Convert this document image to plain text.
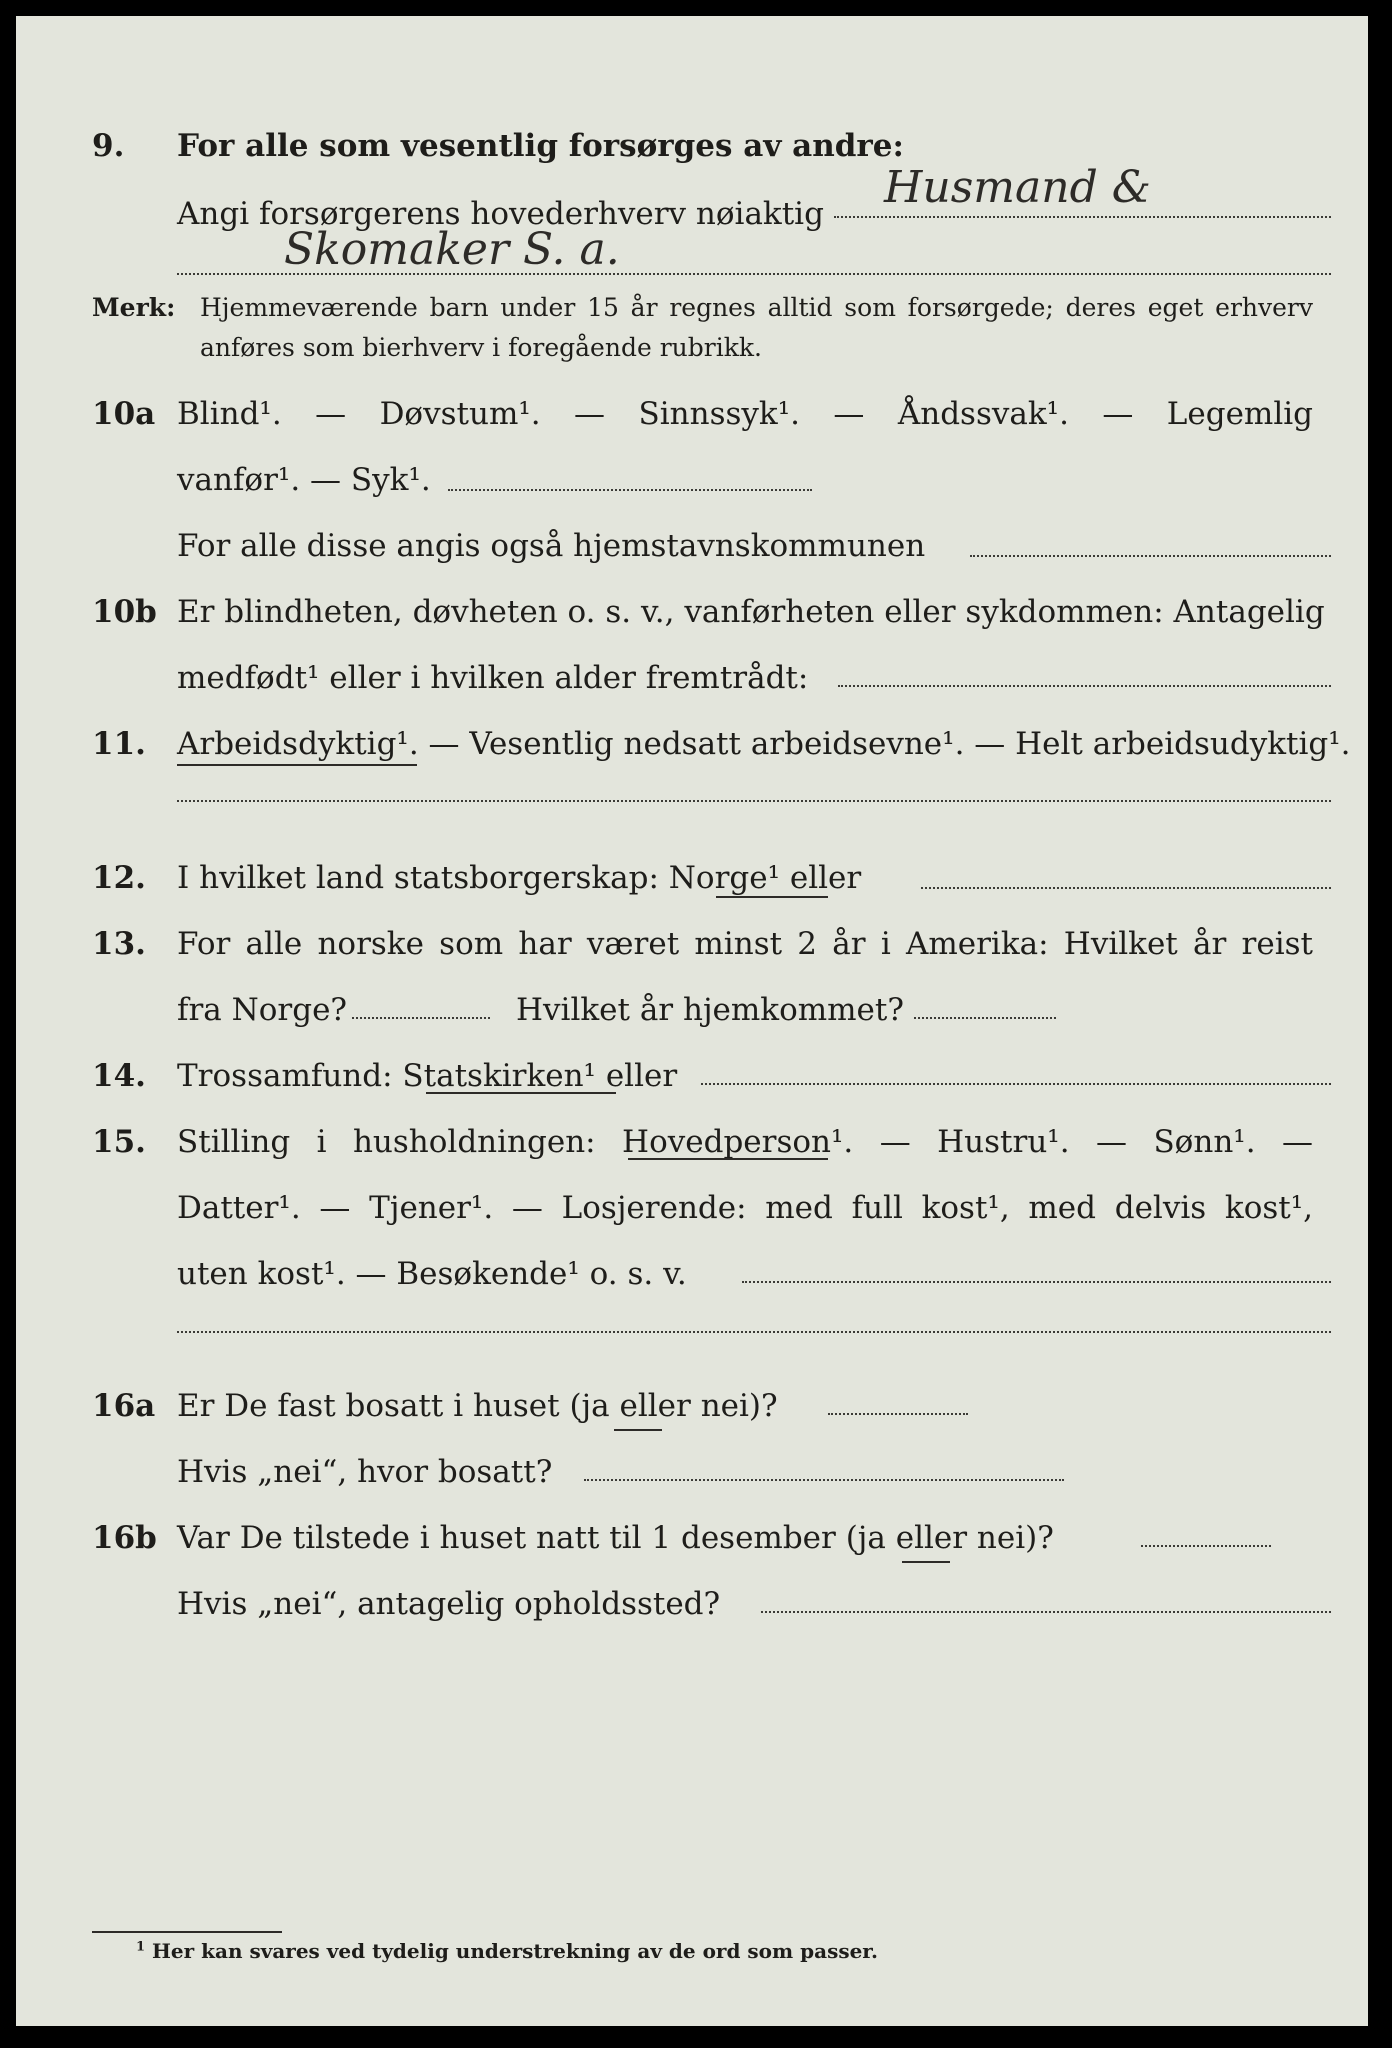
9. For alle som vesentlig forsørges av andre:
Angi forsørgerens hovederhverv nøiaktig
Husmand &
Skomaker S. a.
Merk: Hjemmeværende barn under 15 år regnes alltid som forsørgede; deres eget erhverv
anføres som bierhverv i foregående rubrikk.
10a Blind¹. — Døvstum¹. — Sinnssyk¹. — Åndssvak¹. — Legemlig
vanfør¹. — Syk¹.
For alle disse angis også hjemstavnskommunen
10b Er blindheten, døvheten o. s. v., vanførheten eller sykdommen: Antagelig
medfødt¹ eller i hvilken alder fremtrådt:
11. Arbeidsdyktig¹. — Vesentlig nedsatt arbeidsevne¹. — Helt arbeidsudyktig¹.
12. I hvilket land statsborgerskap: Norge¹ eller
13. For alle norske som har været minst 2 år i Amerika: Hvilket år reist
fra Norge?	Hvilket år hjemkommet?
14. Trossamfund: Statskirken¹ eller
15. Stilling i husholdningen: Hovedperson¹. — Hustru¹. — Sønn¹. —
Datter¹. — Tjener¹. — Losjerende: med full kost¹, med delvis kost¹,
uten kost¹. — Besøkende¹ o. s. v.
16a Er De fast bosatt i huset (ja eller nei)?
Hvis „nei“, hvor bosatt?
16b Var De tilstede i huset natt til 1 desember (ja eller nei)?
Hvis „nei“, antagelig opholdssted?
$^1$ Her kan svares ved tydelig understrekning av de ord som passer.
